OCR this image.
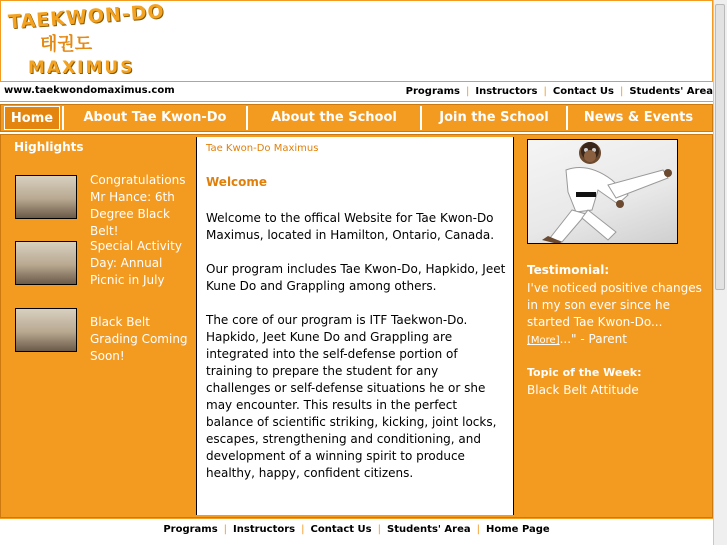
TAEKWON-DO
태권도
MAXIMUS
www.taekwondomaximus.com	Programs | Instructors | Contact Us | Students' Area
Home	About Tae Kwon-Do	About the School	Join the School	News & Events
Highlights
Congratulations Mr Hance: 6th Degree Black Belt!
Special Activity Day: Annual Picnic in July
Black Belt Grading Coming Soon!
Tae Kwon-Do Maximus
Welcome
Welcome to the offical Website for Tae Kwon-Do Maximus, located in Hamilton, Ontario, Canada.
Our program includes Tae Kwon-Do, Hapkido, Jeet Kune Do and Grappling among others.
The core of our program is ITF Taekwon-Do. Hapkido, Jeet Kune Do and Grappling are integrated into the self-defense portion of training to prepare the student for any challenges or self-defense situations he or she may encounter. This results in the perfect balance of scientific striking, kicking, joint locks, escapes, strengthening and conditioning, and development of a winning spirit to produce healthy, happy, confident citizens.
Testimonial:
I've noticed positive changes in my son ever since he started Tae Kwon-Do...[More]..." - Parent
Topic of the Week:
Black Belt Attitude
Programs | Instructors | Contact Us | Students' Area | Home Page
